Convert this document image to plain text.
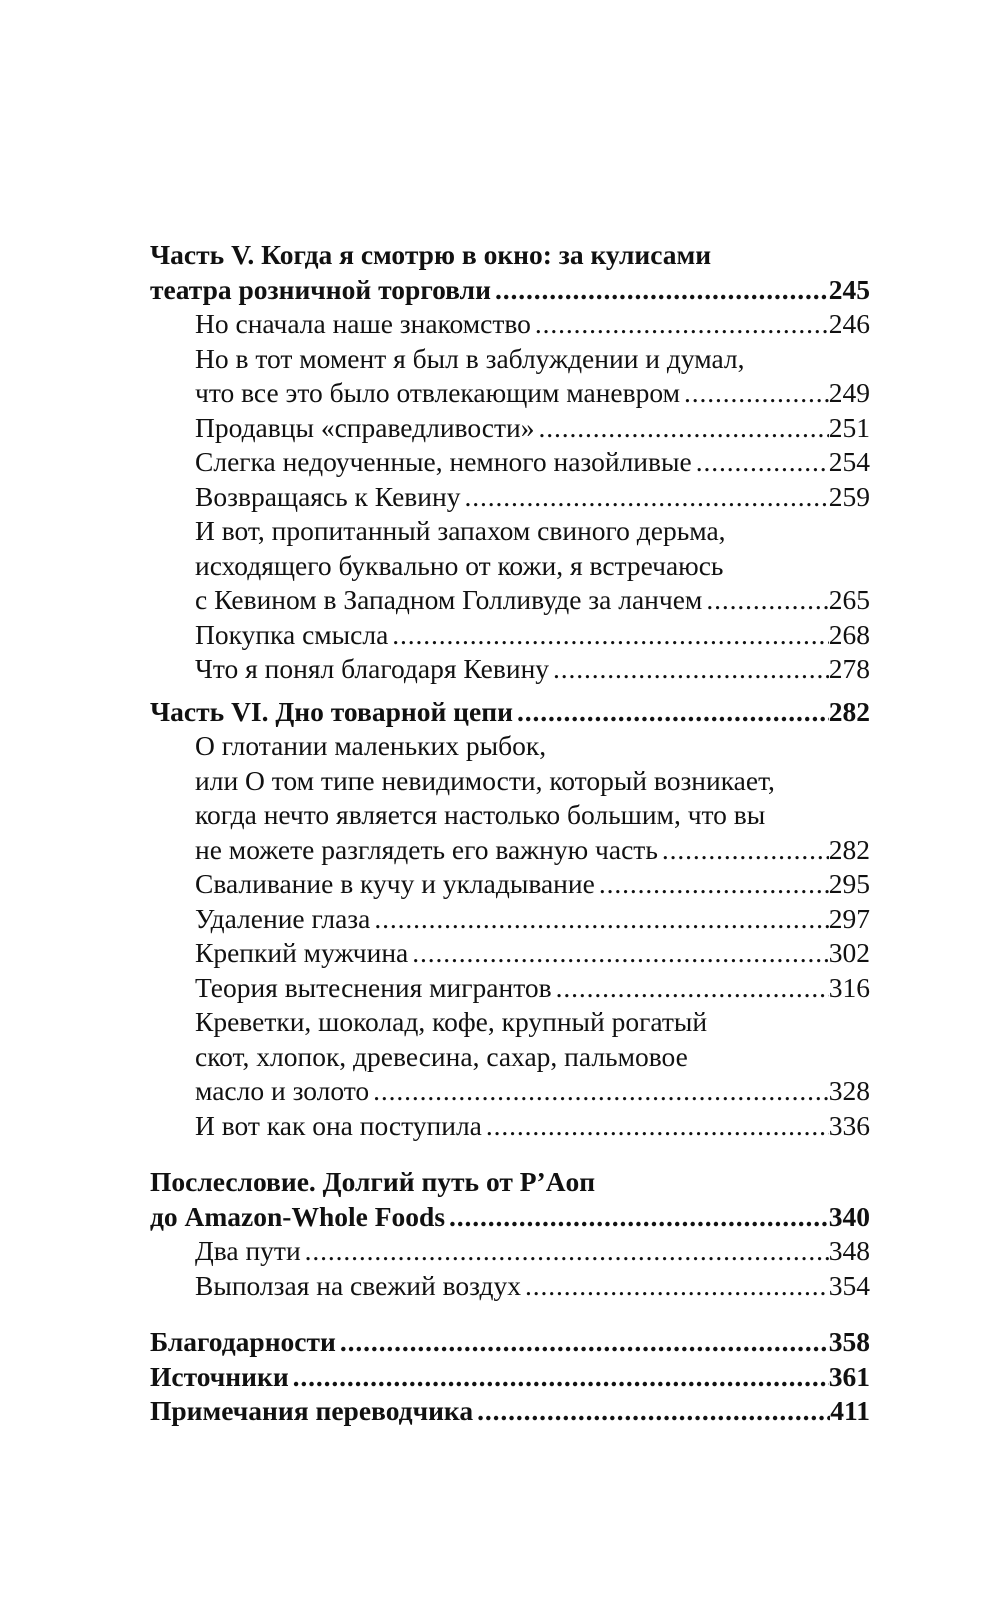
Часть V. Когда я смотрю в окно: за кулисами
театра розничной торговли . . .	245
Но сначала наше знакомство . . .	246
Но в тот момент я был в заблуждении и думал,
что все это было отвлекающим маневром . . .	249
Продавцы «справедливости» . . .	251
Слегка недоученные, немного назойливые . . .	254
Возвращаясь к Кевину . . .	259
И вот, пропитанный запахом свиного дерьма,
исходящего буквально от кожи, я встречаюсь
с Кевином в Западном Голливуде за ланчем . . .	265
Покупка смысла . . .	268
Что я понял благодаря Кевину . . .	278
Часть VI. Дно товарной цепи . . .	282
О глотании маленьких рыбок,
или О том типе невидимости, который возникает,
когда нечто является настолько большим, что вы
не можете разглядеть его важную часть . . .	282
Сваливание в кучу и укладывание . . .	295
Удаление глаза . . .	297
Крепкий мужчина . . .	302
Теория вытеснения мигрантов . . .	316
Креветки, шоколад, кофе, крупный рогатый
скот, хлопок, древесина, сахар, пальмовое
масло и золото . . .	328
И вот как она поступила . . .	336
Послесловие. Долгий путь от P’Aоп
до Amazon-Whole Foods . . .	340
Два пути . . .	348
Выползая на свежий воздух . . .	354
Благодарности . . .	358
Источники . . .	361
Примечания переводчика . . .	411
